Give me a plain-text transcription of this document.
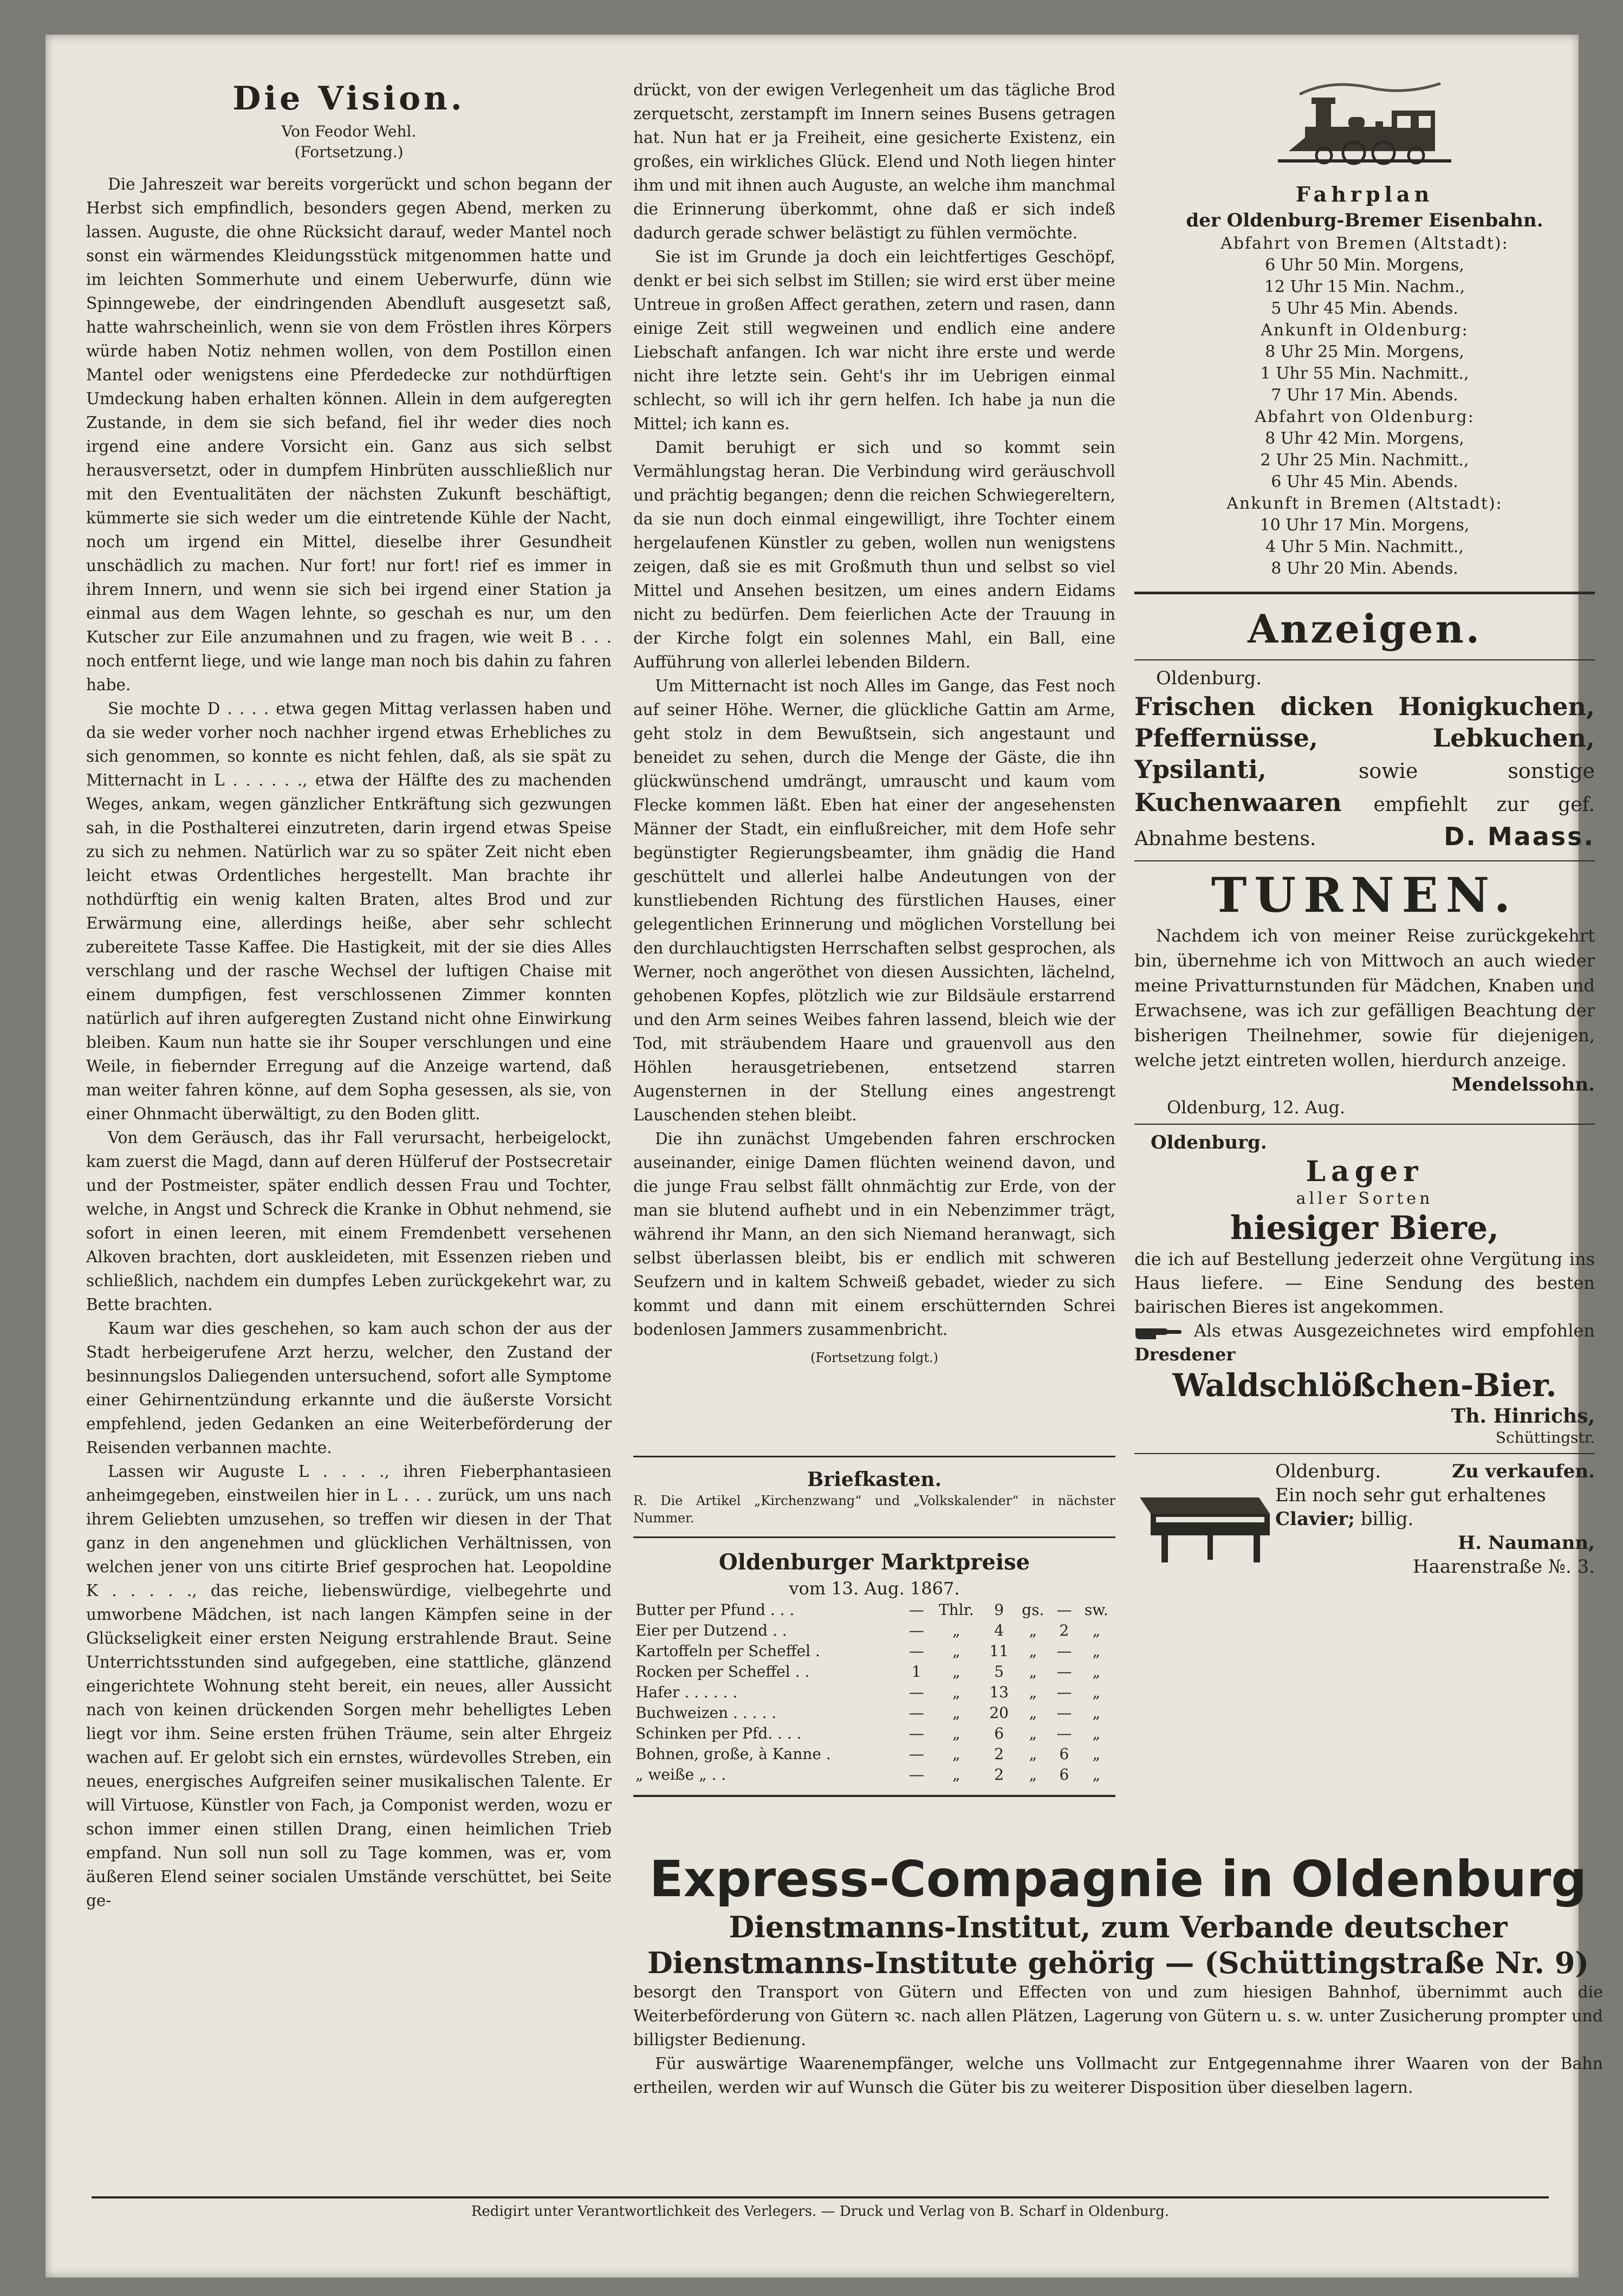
Die Vision.
Von Feodor Wehl.
(Fortsetzung.)

Die Jahreszeit war bereits vorgerückt und schon begann der Herbst sich empfindlich, besonders gegen Abend, merken zu lassen. Auguste, die ohne Rücksicht darauf, weder Mantel noch sonst ein wärmendes Kleidungsstück mitgenommen hatte und im leichten Sommerhute und einem Ueberwurfe, dünn wie Spinngewebe, der eindringenden Abendluft ausgesetzt saß, hatte wahrscheinlich, wenn sie von dem Fröstlen ihres Körpers würde haben Notiz nehmen wollen, von dem Postillon einen Mantel oder wenigstens eine Pferdedecke zur nothdürftigen Umdeckung haben erhalten können. Allein in dem aufgeregten Zustande, in dem sie sich befand, fiel ihr weder dies noch irgend eine andere Vorsicht ein. Ganz aus sich selbst herausversetzt, oder in dumpfem Hinbrüten ausschließlich nur mit den Eventualitäten der nächsten Zukunft beschäftigt, kümmerte sie sich weder um die eintretende Kühle der Nacht, noch um irgend ein Mittel, dieselbe ihrer Gesundheit unschädlich zu machen. Nur fort! nur fort! rief es immer in ihrem Innern, und wenn sie sich bei irgend einer Station ja einmal aus dem Wagen lehnte, so geschah es nur, um den Kutscher zur Eile anzumahnen und zu fragen, wie weit B . . . noch entfernt liege, und wie lange man noch bis dahin zu fahren habe.

Sie mochte D . . . . etwa gegen Mittag verlassen haben und da sie weder vorher noch nachher irgend etwas Erhebliches zu sich genommen, so konnte es nicht fehlen, daß, als sie spät zu Mitternacht in L . . . . . ., etwa der Hälfte des zu machenden Weges, ankam, wegen gänzlicher Entkräftung sich gezwungen sah, in die Posthalterei einzutreten, darin irgend etwas Speise zu sich zu nehmen. Natürlich war zu so später Zeit nicht eben leicht etwas Ordentliches hergestellt. Man brachte ihr nothdürftig ein wenig kalten Braten, altes Brod und zur Erwärmung eine, allerdings heiße, aber sehr schlecht zubereitete Tasse Kaffee. Die Hastigkeit, mit der sie dies Alles verschlang und der rasche Wechsel der luftigen Chaise mit einem dumpfigen, fest verschlossenen Zimmer konnten natürlich auf ihren aufgeregten Zustand nicht ohne Einwirkung bleiben. Kaum nun hatte sie ihr Souper verschlungen und eine Weile, in fiebernder Erregung auf die Anzeige wartend, daß man weiter fahren könne, auf dem Sopha gesessen, als sie, von einer Ohnmacht überwältigt, zu den Boden glitt.

Von dem Geräusch, das ihr Fall verursacht, herbeigelockt, kam zuerst die Magd, dann auf deren Hülferuf der Postsecretair und der Postmeister, später endlich dessen Frau und Tochter, welche, in Angst und Schreck die Kranke in Obhut nehmend, sie sofort in einen leeren, mit einem Fremdenbett versehenen Alkoven brachten, dort auskleideten, mit Essenzen rieben und schließlich, nachdem ein dumpfes Leben zurückgekehrt war, zu Bette brachten.

Kaum war dies geschehen, so kam auch schon der aus der Stadt herbeigerufene Arzt herzu, welcher, den Zustand der besinnungslos Daliegenden untersuchend, sofort alle Symptome einer Gehirnentzündung erkannte und die äußerste Vorsicht empfehlend, jeden Gedanken an eine Weiterbeförderung der Reisenden verbannen machte.

Lassen wir Auguste L . . . ., ihren Fieberphantasieen anheimgegeben, einstweilen hier in L . . . zurück, um uns nach ihrem Geliebten umzusehen, so treffen wir diesen in der That ganz in den angenehmen und glücklichen Verhältnissen, von welchen jener von uns citirte Brief gesprochen hat. Leopoldine K . . . . ., das reiche, liebenswürdige, vielbegehrte und umworbene Mädchen, ist nach langen Kämpfen seine in der Glückseligkeit einer ersten Neigung erstrahlende Braut. Seine Unterrichtsstunden sind aufgegeben, eine stattliche, glänzend eingerichtete Wohnung steht bereit, ein neues, aller Aussicht nach von keinen drückenden Sorgen mehr behelligtes Leben liegt vor ihm. Seine ersten frühen Träume, sein alter Ehrgeiz wachen auf. Er gelobt sich ein ernstes, würdevolles Streben, ein neues, energisches Aufgreifen seiner musikalischen Talente. Er will Virtuose, Künstler von Fach, ja Componist werden, wozu er schon immer einen stillen Drang, einen heimlichen Trieb empfand. Nun soll nun soll zu Tage kommen, was er, vom äußeren Elend seiner socialen Umstände verschüttet, bei Seite ge-

drückt, von der ewigen Verlegenheit um das tägliche Brod zerquetscht, zerstampft im Innern seines Busens getragen hat. Nun hat er ja Freiheit, eine gesicherte Existenz, ein großes, ein wirkliches Glück. Elend und Noth liegen hinter ihm und mit ihnen auch Auguste, an welche ihm manchmal die Erinnerung überkommt, ohne daß er sich indeß dadurch gerade schwer belästigt zu fühlen vermöchte.

Sie ist im Grunde ja doch ein leichtfertiges Geschöpf, denkt er bei sich selbst im Stillen; sie wird erst über meine Untreue in großen Affect gerathen, zetern und rasen, dann einige Zeit still wegweinen und endlich eine andere Liebschaft anfangen. Ich war nicht ihre erste und werde nicht ihre letzte sein. Geht's ihr im Uebrigen einmal schlecht, so will ich ihr gern helfen. Ich habe ja nun die Mittel; ich kann es.

Damit beruhigt er sich und so kommt sein Vermählungstag heran. Die Verbindung wird geräuschvoll und prächtig begangen; denn die reichen Schwiegereltern, da sie nun doch einmal eingewilligt, ihre Tochter einem hergelaufenen Künstler zu geben, wollen nun wenigstens zeigen, daß sie es mit Großmuth thun und selbst so viel Mittel und Ansehen besitzen, um eines andern Eidams nicht zu bedürfen. Dem feierlichen Acte der Trauung in der Kirche folgt ein solennes Mahl, ein Ball, eine Aufführung von allerlei lebenden Bildern.

Um Mitternacht ist noch Alles im Gange, das Fest noch auf seiner Höhe. Werner, die glückliche Gattin am Arme, geht stolz in dem Bewußtsein, sich angestaunt und beneidet zu sehen, durch die Menge der Gäste, die ihn glückwünschend umdrängt, umrauscht und kaum vom Flecke kommen läßt. Eben hat einer der angesehensten Männer der Stadt, ein einflußreicher, mit dem Hofe sehr begünstigter Regierungsbeamter, ihm gnädig die Hand geschüttelt und allerlei halbe Andeutungen von der kunstliebenden Richtung des fürstlichen Hauses, einer gelegentlichen Erinnerung und möglichen Vorstellung bei den durchlauchtigsten Herrschaften selbst gesprochen, als Werner, noch angeröthet von diesen Aussichten, lächelnd, gehobenen Kopfes, plötzlich wie zur Bildsäule erstarrend und den Arm seines Weibes fahren lassend, bleich wie der Tod, mit sträubendem Haare und grauenvoll aus den Höhlen herausgetriebenen, entsetzend starren Augensternen in der Stellung eines angestrengt Lauschenden stehen bleibt.

Die ihn zunächst Umgebenden fahren erschrocken auseinander, einige Damen flüchten weinend davon, und die junge Frau selbst fällt ohnmächtig zur Erde, von der man sie blutend aufhebt und in ein Nebenzimmer trägt, während ihr Mann, an den sich Niemand heranwagt, sich selbst überlassen bleibt, bis er endlich mit schweren Seufzern und in kaltem Schweiß gebadet, wieder zu sich kommt und dann mit einem erschütternden Schrei bodenlosen Jammers zusammenbricht.

(Fortsetzung folgt.)
Briefkasten.
R. Die Artikel „Kirchenzwang“ und „Volkskalender“ in nächster Nummer.
Oldenburger Marktpreise
vom 13. Aug. 1867.
Butter per Pfund . . .	—	Thlr.	9	gs.	—	sw.
Eier per Dutzend . .	—	„	4	„	2	„
Kartoffeln per Scheffel .	—	„	11	„	—	„
Rocken per Scheffel . .	1	„	5	„	—	„
Hafer . . . . . .	—	„	13	„	—	„
Buchweizen . . . . .	—	„	20	„	—	„
Schinken per Pfd. . . .	—	„	6	„	—	„
Bohnen, große, à Kanne .	—	„	2	„	6	„
„ weiße „ . .	—	„	2	„	6	„
Fahrplan
der Oldenburg-Bremer Eisenbahn.
Abfahrt von Bremen (Altstadt):
6 Uhr 50 Min. Morgens,
12 Uhr 15 Min. Nachm.,
5 Uhr 45 Min. Abends.
Ankunft in Oldenburg:
8 Uhr 25 Min. Morgens,
1 Uhr 55 Min. Nachmitt.,
7 Uhr 17 Min. Abends.
Abfahrt von Oldenburg:
8 Uhr 42 Min. Morgens,
2 Uhr 25 Min. Nachmitt.,
6 Uhr 45 Min. Abends.
Ankunft in Bremen (Altstadt):
10 Uhr 17 Min. Morgens,
4 Uhr 5 Min. Nachmitt.,
8 Uhr 20 Min. Abends.
Anzeigen.
Oldenburg.
Frischen dicken Honigkuchen, Pfeffernüsse, Lebkuchen, Ypsilanti,	sowie sonstige Kuchenwaaren empfiehlt zur gef. Abnahme bestens.	D. Maass.
TURNEN.

Nachdem ich von meiner Reise zurückgekehrt bin, übernehme ich von Mittwoch an auch wieder meine Privatturnstunden für Mädchen, Knaben und Erwachsene, was ich zur gefälligen Beachtung der bisherigen Theilnehmer, sowie für diejenigen, welche jetzt eintreten wollen, hierdurch anzeige.

Mendelssohn.
Oldenburg, 12. Aug.
Oldenburg.
Lager
aller Sorten
hiesiger Biere,

die ich auf Bestellung jederzeit ohne Vergütung ins Haus liefere. — Eine Sendung des besten bairischen Bieres ist angekommen.

Als etwas Ausgezeichnetes wird empfohlen Dresdener
Waldschlößchen-Bier.
Th. Hinrichs,
Schüttingstr.
Oldenburg.	Zu verkaufen.
Ein noch sehr gut erhaltenes
Clavier; billig.
H. Naumann,
Haarenstraße №. 3.
Express-Compagnie in Oldenburg
Dienstmanns-Institut, zum Verbande deutscher Dienstmanns-Institute gehörig — (Schüttingstraße Nr. 9)

besorgt den Transport von Gütern und Effecten von und zum hiesigen Bahnhof, übernimmt auch die Weiterbeförderung von Gütern ꝛc. nach allen Plätzen, Lagerung von Gütern u. s. w. unter Zusicherung prompter und billigster Bedienung.

Für auswärtige Waarenempfänger, welche uns Vollmacht zur Entgegennahme ihrer Waaren von der Bahn ertheilen, werden wir auf Wunsch die Güter bis zu weiterer Disposition über dieselben lagern.

Redigirt unter Verantwortlichkeit des Verlegers. — Druck und Verlag von B. Scharf in Oldenburg.
